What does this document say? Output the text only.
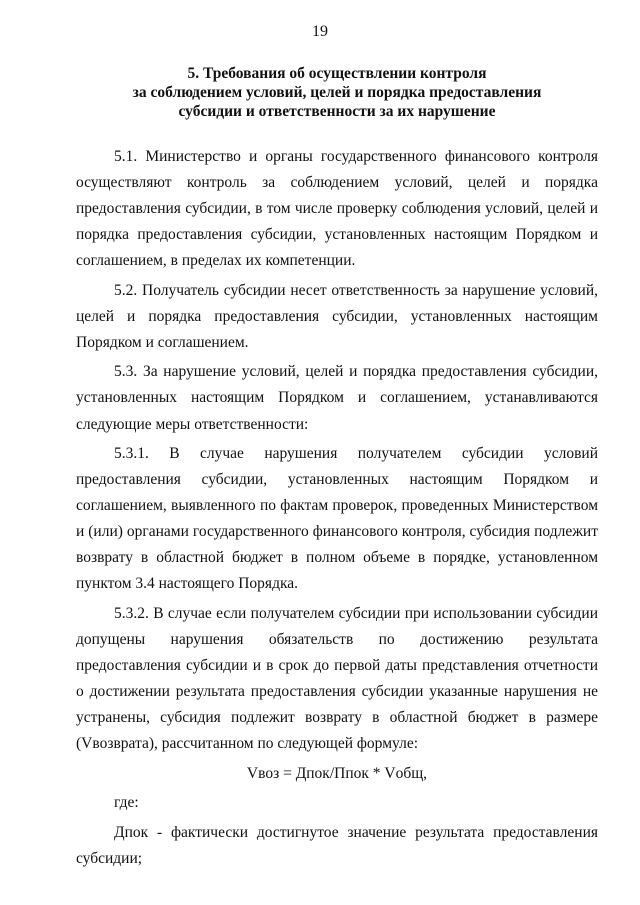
19
5. Требования об осуществлении контроля
за соблюдением условий, целей и порядка предоставления
субсидии и ответственности за их нарушение

5.1. Министерство и органы государственного финансового контроля осуществляют контроль за соблюдением условий, целей и порядка предоставления субсидии, в том числе проверку соблюдения условий, целей и порядка предоставления субсидии, установленных настоящим Порядком и соглашением, в пределах их компетенции.

5.2. Получатель субсидии несет ответственность за нарушение условий, целей и порядка предоставления субсидии, установленных настоящим Порядком и соглашением.

5.3. За нарушение условий, целей и порядка предоставления субсидии, установленных настоящим Порядком и соглашением, устанавливаются следующие меры ответственности:

5.3.1. В случае нарушения получателем субсидии условий предоставления субсидии, установленных настоящим Порядком и соглашением, выявленного по фактам проверок, проведенных Министерством и (или) органами государственного финансового контроля, субсидия подлежит возврату в областной бюджет в полном объеме в порядке, установленном пунктом 3.4 настоящего Порядка.

5.3.2. В случае если получателем субсидии при использовании субсидии допущены нарушения обязательств по достижению результата предоставления субсидии и в срок до первой даты представления отчетности о достижении результата предоставления субсидии указанные нарушения не устранены, субсидия подлежит возврату в областной бюджет в размере (Vвозврата), рассчитанном по следующей формуле:

Vвоз = Дпок/Ппок * Vобщ,

где:

Дпок - фактически достигнутое значение результата предоставления субсидии;
